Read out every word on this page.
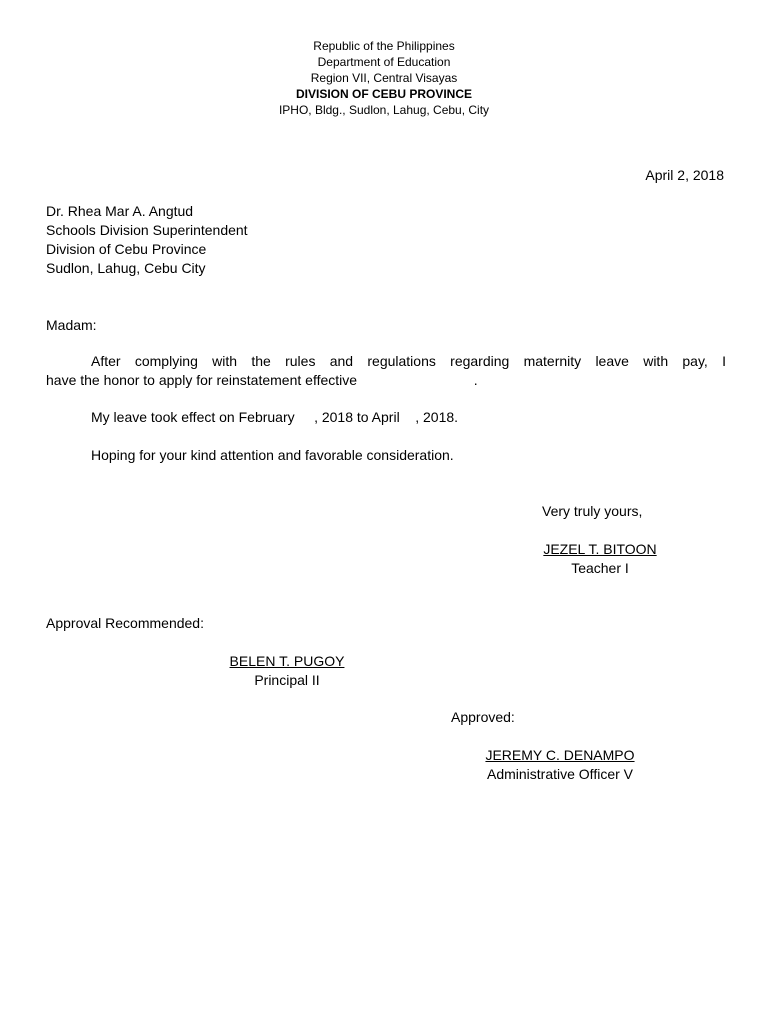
Republic of the Philippines
Department of Education
Region VII, Central Visayas
DIVISION OF CEBU PROVINCE
IPHO, Bldg., Sudlon, Lahug, Cebu, City
April 2, 2018
Dr. Rhea Mar A. Angtud
Schools Division Superintendent
Division of Cebu Province
Sudlon, Lahug, Cebu City
Madam:
After complying with the rules and regulations regarding maternity leave with pay, I
have the honor to apply for reinstatement effective                              .
My leave took effect on February     , 2018 to April    , 2018.
Hoping for your kind attention and favorable consideration.
Very truly yours,
JEZEL T. BITOON
Teacher I
Approval Recommended:
BELEN T. PUGOY
Principal II
Approved:
JEREMY C. DENAMPO
Administrative Officer V
